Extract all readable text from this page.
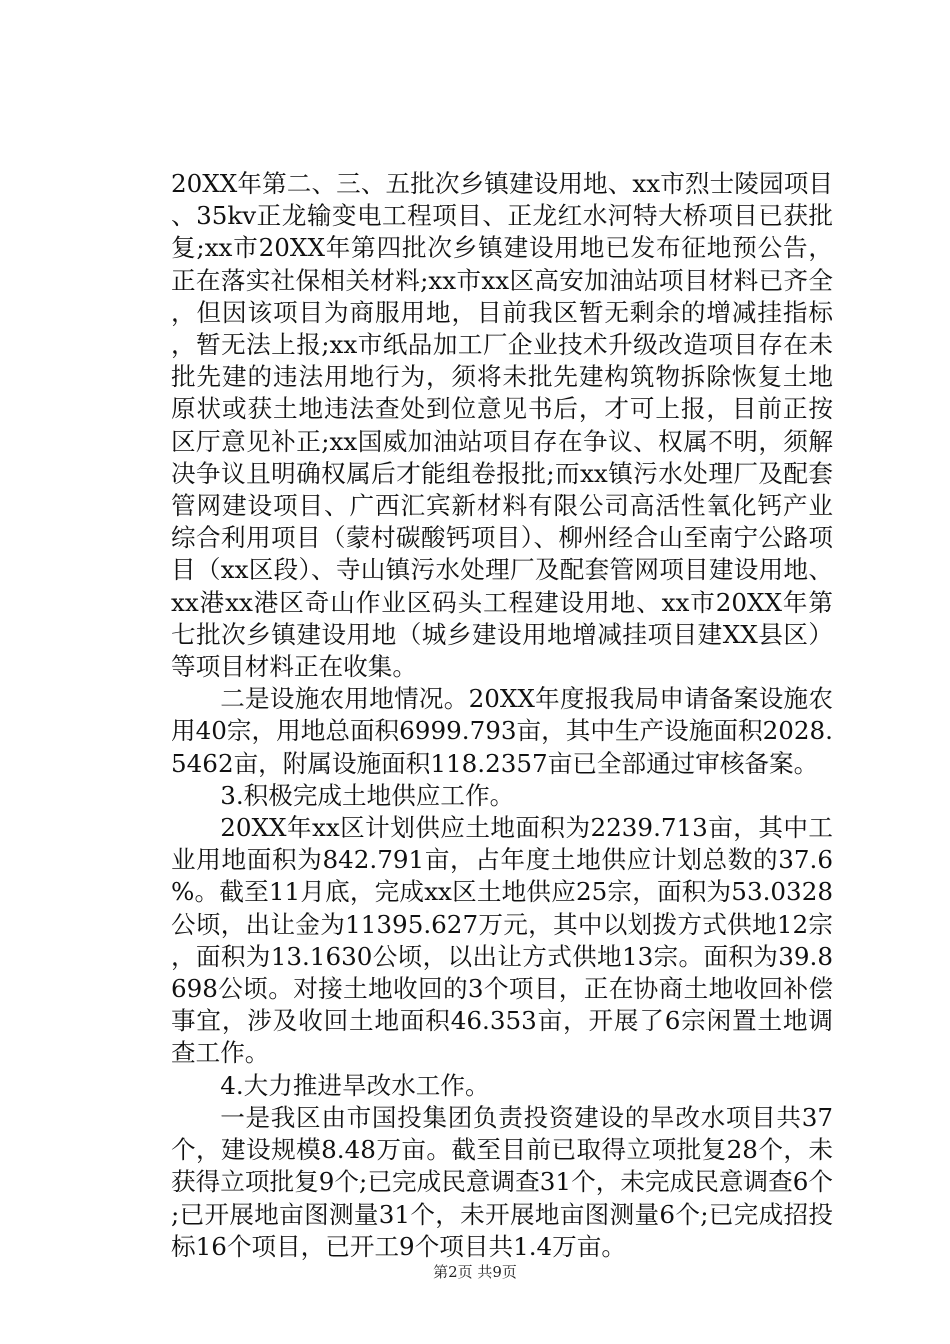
20XX年第二、三、五批次乡镇建设用地、xx市烈士陵园项目、35kv正龙输变电工程项目、正龙红水河特大桥项目已获批复;xx市20XX年第四批次乡镇建设用地已发布征地预公告，正在落实社保相关材料;xx市xx区高安加油站项目材料已齐全，但因该项目为商服用地，目前我区暂无剩余的增减挂指标，暂无法上报;xx市纸品加工厂企业技术升级改造项目存在未批先建的违法用地行为，须将未批先建构筑物拆除恢复土地原状或获土地违法查处到位意见书后，才可上报，目前正按区厅意见补正;xx国威加油站项目存在争议、权属不明，须解决争议且明确权属后才能组卷报批;而xx镇污水处理厂及配套管网建设项目、广西汇宾新材料有限公司高活性氧化钙产业综合利用项目（蒙村碳酸钙项目）、柳州经合山至南宁公路项目（xx区段）、寺山镇污水处理厂及配套管网项目建设用地、xx港xx港区奇山作业区码头工程建设用地、xx市20XX年第七批次乡镇建设用地（城乡建设用地增减挂项目建XX县区）等项目材料正在收集。

二是设施农用地情况。20XX年度报我局申请备案设施农用40宗，用地总面积6999.793亩，其中生产设施面积2028.5462亩，附属设施面积118.2357亩已全部通过审核备案。

3.积极完成土地供应工作。

20XX年xx区计划供应土地面积为2239.713亩，其中工业用地面积为842.791亩，占年度土地供应计划总数的37.6%。截至11月底，完成xx区土地供应25宗，面积为53.0328公顷，出让金为11395.627万元，其中以划拨方式供地12宗，面积为13.1630公顷，以出让方式供地13宗。面积为39.8698公顷。对接土地收回的3个项目，正在协商土地收回补偿事宜，涉及收回土地面积46.353亩，开展了6宗闲置土地调查工作。

4.大力推进旱改水工作。

一是我区由市国投集团负责投资建设的旱改水项目共37个，建设规模8.48万亩。截至目前已取得立项批复28个，未获得立项批复9个;已完成民意调查31个，未完成民意调查6个;已开展地亩图测量31个，未开展地亩图测量6个;已完成招投标16个项目，已开工9个项目共1.4万亩。

第2页 共9页
